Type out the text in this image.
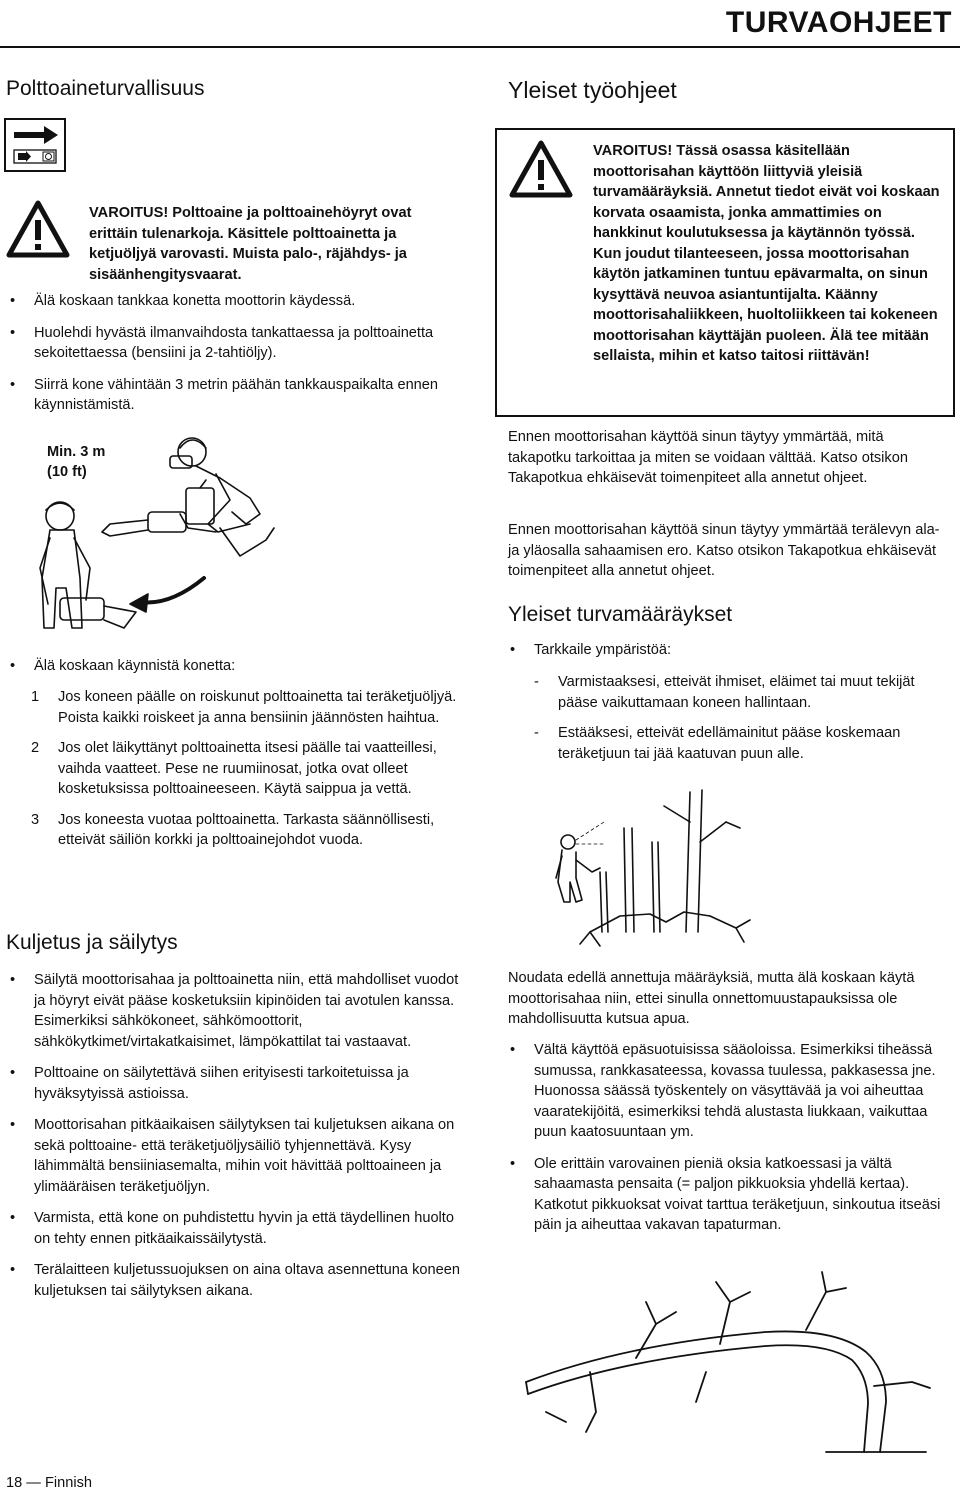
TURVAOHJEET
Polttoaineturvallisuus
VAROITUS! Polttoaine ja polttoainehöyryt ovat erittäin tulenarkoja. Käsittele polttoainetta ja ketjuöljyä varovasti. Muista palo-, räjähdys- ja sisäänhengitysvaarat.
• Älä koskaan tankkaa konetta moottorin käydessä.
• Huolehdi hyvästä ilmanvaihdosta tankattaessa ja polttoainetta sekoitettaessa (bensiini ja 2-tahtiöljy).
• Siirrä kone vähintään 3 metrin päähän tankkauspaikalta ennen käynnistämistä.
Min. 3 m
(10 ft)
• Älä koskaan käynnistä konetta:
1 Jos koneen päälle on roiskunut polttoainetta tai teräketjuöljyä. Poista kaikki roiskeet ja anna bensiinin jäännösten haihtua.
2 Jos olet läikyttänyt polttoainetta itsesi päälle tai vaatteillesi, vaihda vaatteet. Pese ne ruumiinosat, jotka ovat olleet kosketuksissa polttoaineeseen. Käytä saippua ja vettä.
3 Jos koneesta vuotaa polttoainetta. Tarkasta säännöllisesti, etteivät säiliön korkki ja polttoainejohdot vuoda.
Kuljetus ja säilytys
• Säilytä moottorisahaa ja polttoainetta niin, että mahdolliset vuodot ja höyryt eivät pääse kosketuksiin kipinöiden tai avotulen kanssa. Esimerkiksi sähkökoneet, sähkömoottorit, sähkökytkimet/virtakatkaisimet, lämpökattilat tai vastaavat.
• Polttoaine on säilytettävä siihen erityisesti tarkoitetuissa ja hyväksytyissä astioissa.
• Moottorisahan pitkäaikaisen säilytyksen tai kuljetuksen aikana on sekä polttoaine- että teräketjuöljysäiliö tyhjennettävä. Kysy lähimmältä bensiiniasemalta, mihin voit hävittää polttoaineen ja ylimääräisen teräketjuöljyn.
• Varmista, että kone on puhdistettu hyvin ja että täydellinen huolto on tehty ennen pitkäaikaissäilytystä.
• Terälaitteen kuljetussuojuksen on aina oltava asennettuna koneen kuljetuksen tai säilytyksen aikana.
18 — Finnish
Yleiset työohjeet
VAROITUS! Tässä osassa käsitellään moottorisahan käyttöön liittyviä yleisiä turvamääräyksiä. Annetut tiedot eivät voi koskaan korvata osaamista, jonka ammattimies on hankkinut koulutuksessa ja käytännön työssä. Kun joudut tilanteeseen, jossa moottorisahan käytön jatkaminen tuntuu epävarmalta, on sinun kysyttävä neuvoa asiantuntijalta. Käänny moottorisahaliikkeen, huoltoliikkeen tai kokeneen moottorisahan käyttäjän puoleen. Älä tee mitään sellaista, mihin et katso taitosi riittävän!
Ennen moottorisahan käyttöä sinun täytyy ymmärtää, mitä takapotku tarkoittaa ja miten se voidaan välttää. Katso otsikon Takapotkua ehkäisevät toimenpiteet alla annetut ohjeet.
Ennen moottorisahan käyttöä sinun täytyy ymmärtää terälevyn ala- ja yläosalla sahaamisen ero. Katso otsikon Takapotkua ehkäisevät toimenpiteet alla annetut ohjeet.
Yleiset turvamääräykset
• Tarkkaile ympäristöä:
- Varmistaaksesi, etteivät ihmiset, eläimet tai muut tekijät pääse vaikuttamaan koneen hallintaan.
- Estääksesi, etteivät edellämainitut pääse koskemaan teräketjuun tai jää kaatuvan puun alle.
Noudata edellä annettuja määräyksiä, mutta älä koskaan käytä moottorisahaa niin, ettei sinulla onnettomuustapauksissa ole mahdollisuutta kutsua apua.
• Vältä käyttöä epäsuotuisissa sääoloissa. Esimerkiksi tiheässä sumussa, rankkasateessa, kovassa tuulessa, pakkasessa jne. Huonossa säässä työskentely on väsyttävää ja voi aiheuttaa vaaratekijöitä, esimerkiksi tehdä alustasta liukkaan, vaikuttaa puun kaatosuuntaan ym.
• Ole erittäin varovainen pieniä oksia katkoessasi ja vältä sahaamasta pensaita (= paljon pikkuoksia yhdellä kertaa). Katkotut pikkuoksat voivat tarttua teräketjuun, sinkoutua itseäsi päin ja aiheuttaa vakavan tapaturman.
